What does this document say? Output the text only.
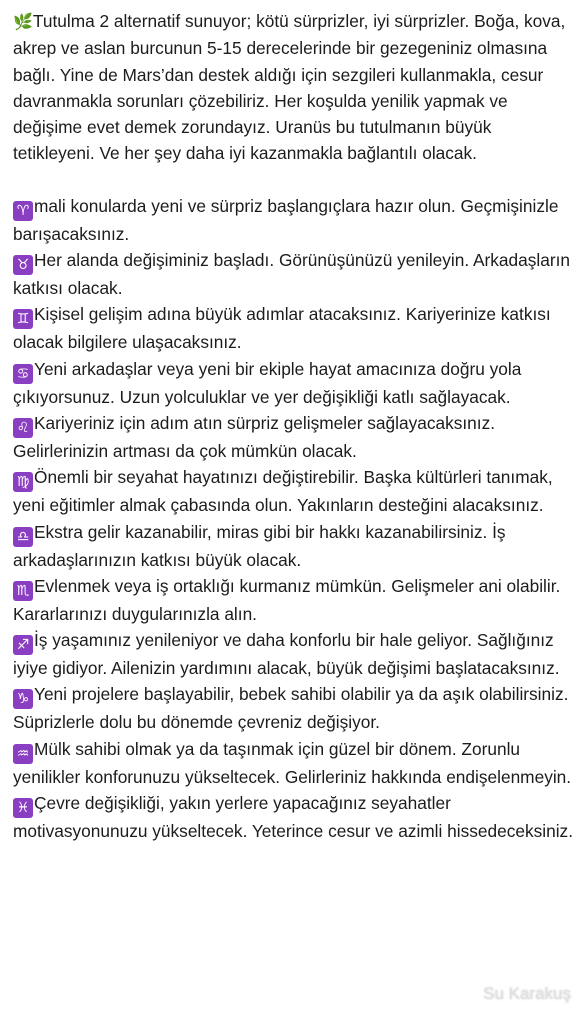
🌿Tutulma 2 alternatif sunuyor; kötü sürprizler, iyi sürprizler. Boğa, kova, akrep ve aslan burcunun 5-15 derecelerinde bir gezegeniniz olmasına bağlı. Yine de Mars’dan destek aldığı için sezgileri kullanmakla, cesur davranmakla sorunları çözebiliriz. Her koşulda yenilik yapmak ve değişime evet demek zorundayız. Uranüs bu tutulmanın büyük tetikleyeni. Ve her şey daha iyi kazanmakla bağlantılı olacak.

♈ mali konularda yeni ve sürpriz başlangıçlara hazır olun. Geçmişinizle barışacaksınız.
♉ Her alanda değişiminiz başladı. Görünüşünüzü yenileyin. Arkadaşların katkısı olacak.
♊ Kişisel gelişim adına büyük adımlar atacaksınız. Kariyerinize katkısı olacak bilgilere ulaşacaksınız.
♋ Yeni arkadaşlar veya yeni bir ekiple hayat amacınıza doğru yola çıkıyorsunuz. Uzun yolculuklar ve yer değişikliği katlı sağlayacak.
♌ Kariyeriniz için adım atın sürpriz gelişmeler sağlayacaksınız. Gelirlerinizin artması da çok mümkün olacak.
♍ Önemli bir seyahat hayatınızı değiştirebilir. Başka kültürleri tanımak, yeni eğitimler almak çabasında olun. Yakınların desteğini alacaksınız.
♎ Ekstra gelir kazanabilir, miras gibi bir hakkı kazanabilirsiniz. İş arkadaşlarınızın katkısı büyük olacak.
♏ Evlenmek veya iş ortaklığı kurmanız mümkün. Gelişmeler ani olabilir. Kararlarınızı duygularınızla alın.
♐ İş yaşamınız yenileniyor ve daha konforlu bir hale geliyor. Sağlığınız iyiye gidiyor. Ailenizin yardımını alacak, büyük değişimi başlatacaksınız.
♑ Yeni projelere başlayabilir, bebek sahibi olabilir ya da aşık olabilirsiniz. Süprizlerle dolu bu dönemde çevreniz değişiyor.
♒ Mülk sahibi olmak ya da taşınmak için güzel bir dönem. Zorunlu yenilikler konforunuzu yükseltecek. Gelirleriniz hakkında endişelenmeyin.
♓ Çevre değişikliği, yakın yerlere yapacağınız seyahatler motivasyonunuzu yükseltecek. Yeterince cesur ve azimli hissedeceksiniz.
Su Karakuş
